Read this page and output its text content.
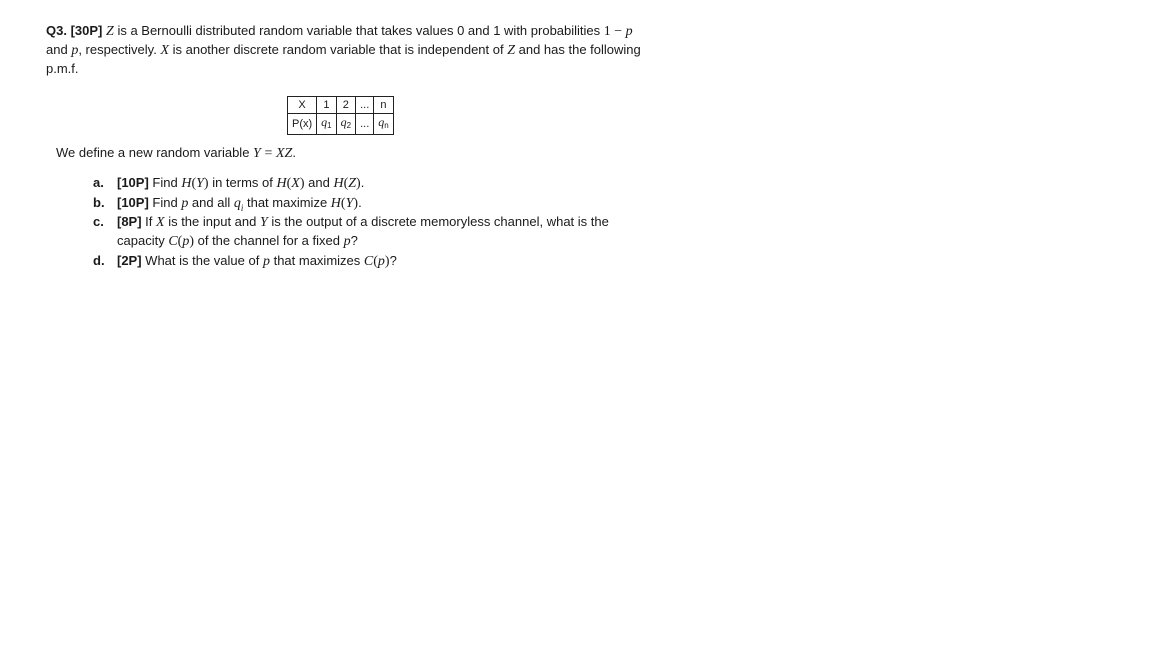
Q3. [30P] Z is a Bernoulli distributed random variable that takes values 0 and 1 with probabilities 1 − p
and p, respectively. X is another discrete random variable that is independent of Z and has the following
p.m.f.
X	1	2	...	n
P(x)	$q_1$	$q_2$	...	$q_n$
We define a new random variable Y = XZ.
a. [10P] Find H(Y) in terms of H(X) and H(Z).
b. [10P] Find p and all $q_i$ that maximize H(Y).
c. [8P] If X is the input and Y is the output of a discrete memoryless channel, what is the
capacity C(p) of the channel for a fixed p?
d. [2P] What is the value of p that maximizes C(p)?
